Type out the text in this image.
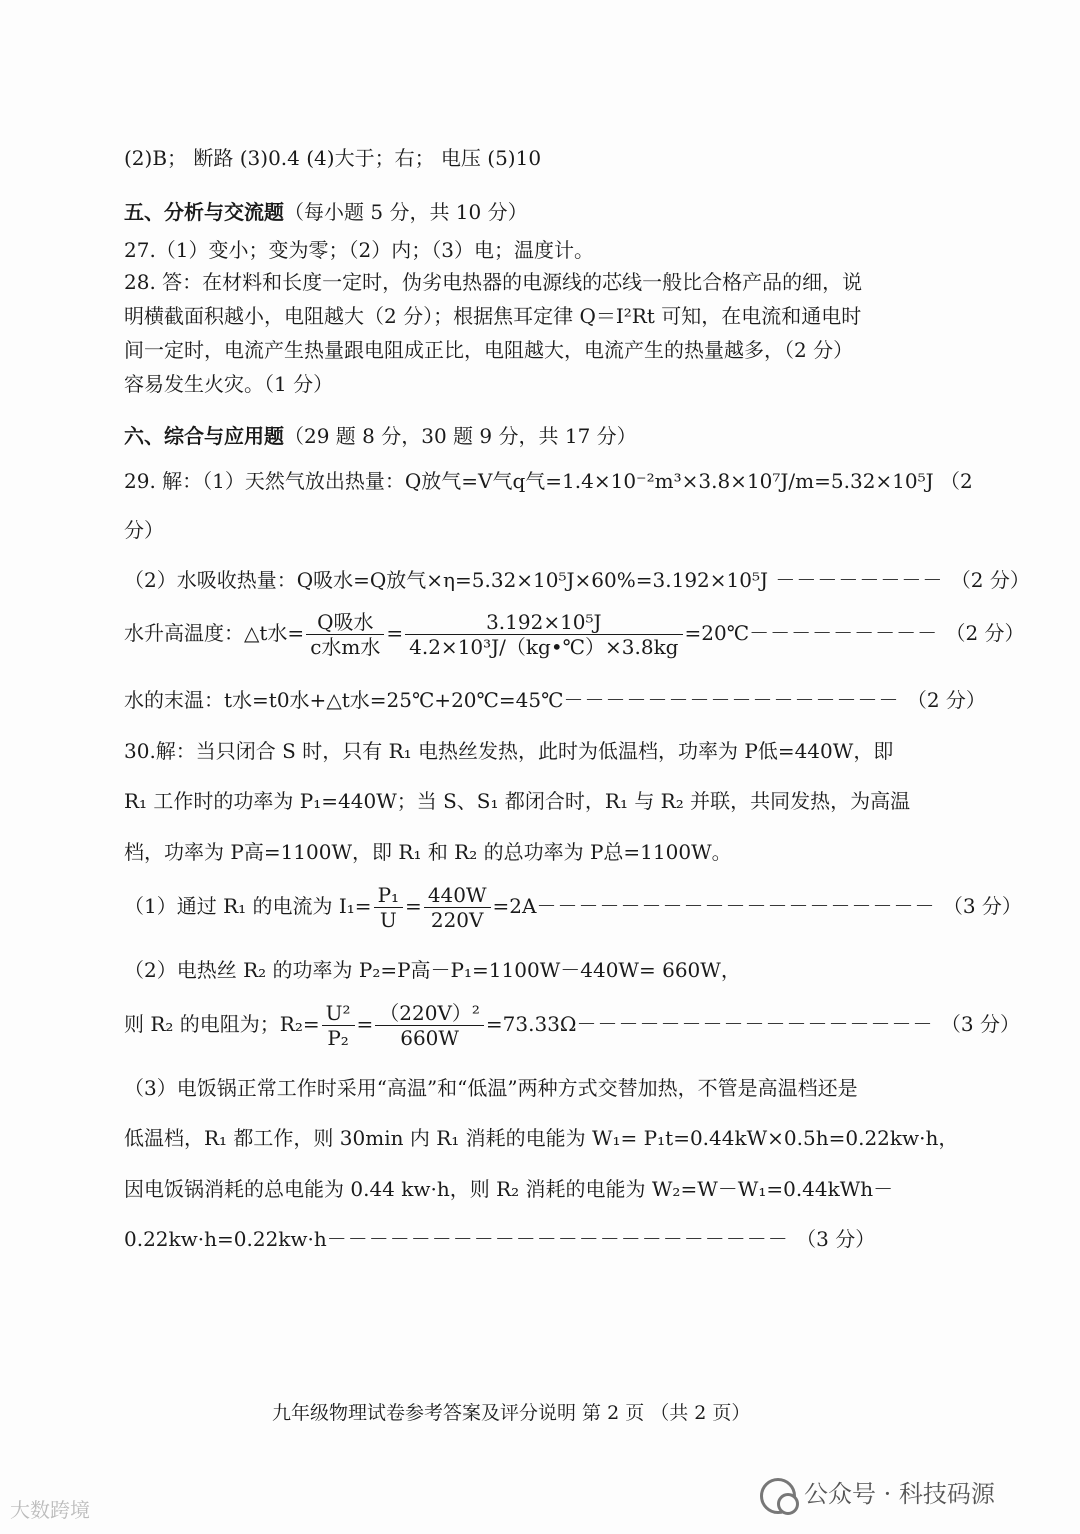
(2)B； 断路 (3)0.4 (4)大于；右； 电压 (5)10
五、分析与交流题（每小题 5 分，共 10 分）
27.（1）变小；变为零；（2）内；（3）电；温度计。
28. 答：在材料和长度一定时，伪劣电热器的电源线的芯线一般比合格产品的细，说
明横截面积越小，电阻越大（2 分）；根据焦耳定律 Q＝I²Rt 可知，在电流和通电时
间一定时，电流产生热量跟电阻成正比，电阻越大，电流产生的热量越多，（2 分）
容易发生火灾。（1 分）
六、综合与应用题（29 题 8 分，30 题 9 分，共 17 分）
29. 解：（1）天然气放出热量：Q放气=V气q气=1.4×10⁻²m³×3.8×10⁷J/m=5.32×10⁵J （2
分）
（2）水吸收热量：Q吸水=Q放气×η=5.32×10⁵J×60%=3.192×10⁵J －－－－－－－－ （2 分）
水升高温度：△t水= $\frac{\text{Q吸水}}{\text{c水m水}} = \frac{\text{3.192×10⁵J}}{\text{4.2×10³J/（kg•℃）×3.8kg}}$ =20℃－－－－－－－－－ （2 分）
水的末温：t水=t0水+△t水=25℃+20℃=45℃－－－－－－－－－－－－－－－－ （2 分）
30.解：当只闭合 S 时，只有 R₁ 电热丝发热，此时为低温档，功率为 P低=440W，即
R₁ 工作时的功率为 P₁=440W；当 S、S₁ 都闭合时，R₁ 与 R₂ 并联，共同发热，为高温
档，功率为 P高=1100W，即 R₁ 和 R₂ 的总功率为 P总=1100W。
（1）通过 R₁ 的电流为 $I_1= \frac{\text{P₁}}{U} = \frac{440W}{220V} =2A------------------- (3$ 分）
（2）电热丝 R₂ 的功率为 P₂=P高－P₁=1100W－440W= 660W，
则 R₂ 的电阻为；$R_2= \frac{\text{U²}}{\text{P₂}} = \frac{\text{（220V）²}}{660W} =73.33\Omega----------------- (3$ 分）
（3）电饭锅正常工作时采用“高温”和“低温”两种方式交替加热，不管是高温档还是
低温档，R₁ 都工作，则 30min 内 R₁ 消耗的电能为 W₁= P₁t=0.44kW×0.5h=0.22kw·h，
因电饭锅消耗的总电能为 0.44 kw·h，则 R₂ 消耗的电能为 W₂=W－W₁=0.44kWh－
0.22kw·h=0.22kw·h－－－－－－－－－－－－－－－－－－－－－－ （3 分）
九年级物理试卷参考答案及评分说明 第 2 页 （共 2 页）
公众号 · 科技码源
大数跨境
